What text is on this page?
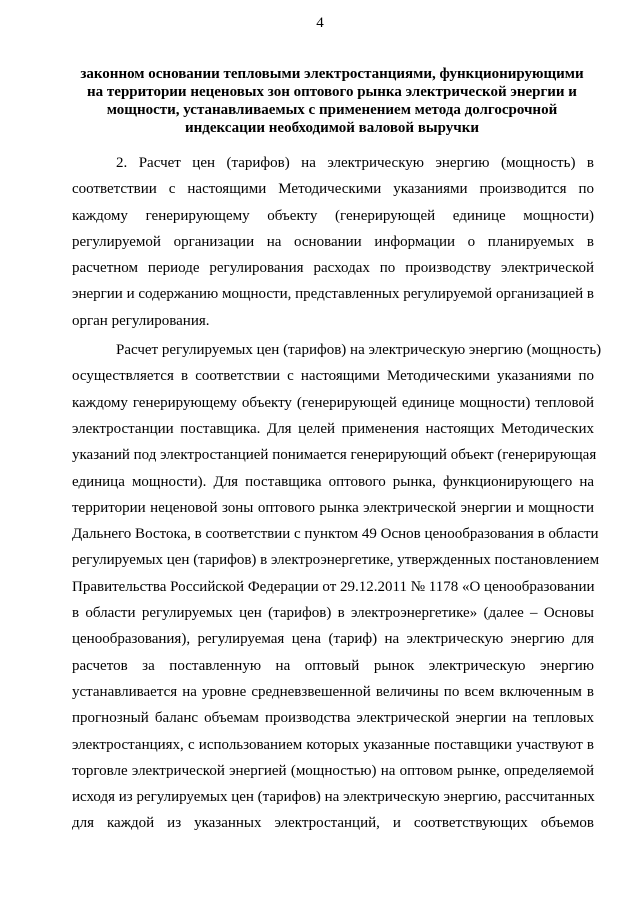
4
законном основании тепловыми электростанциями, функционирующими
на территории неценовых зон оптового рынка электрической энергии и
мощности, устанавливаемых с применением метода долгосрочной
индексации необходимой валовой выручки
2. Расчет цен (тарифов) на электрическую энергию (мощность) в
соответствии с настоящими Методическими указаниями производится по
каждому генерирующему объекту (генерирующей единице мощности)
регулируемой организации на основании информации о планируемых в
расчетном периоде регулирования расходах по производству электрической
энергии и содержанию мощности, представленных регулируемой организацией в
орган регулирования.
Расчет регулируемых цен (тарифов) на электрическую энергию (мощность)
осуществляется в соответствии с настоящими Методическими указаниями по
каждому генерирующему объекту (генерирующей единице мощности) тепловой
электростанции поставщика. Для целей применения настоящих Методических
указаний под электростанцией понимается генерирующий объект (генерирующая
единица мощности). Для поставщика оптового рынка, функционирующего на
территории неценовой зоны оптового рынка электрической энергии и мощности
Дальнего Востока, в соответствии с пунктом 49 Основ ценообразования в области
регулируемых цен (тарифов) в электроэнергетике, утвержденных постановлением
Правительства Российской Федерации от 29.12.2011 № 1178 «О ценообразовании
в области регулируемых цен (тарифов) в электроэнергетике» (далее – Основы
ценообразования), регулируемая цена (тариф) на электрическую энергию для
расчетов за поставленную на оптовый рынок электрическую энергию
устанавливается на уровне средневзвешенной величины по всем включенным в
прогнозный баланс объемам производства электрической энергии на тепловых
электростанциях, с использованием которых указанные поставщики участвуют в
торговле электрической энергией (мощностью) на оптовом рынке, определяемой
исходя из регулируемых цен (тарифов) на электрическую энергию, рассчитанных
для каждой из указанных электростанций, и соответствующих объемов
